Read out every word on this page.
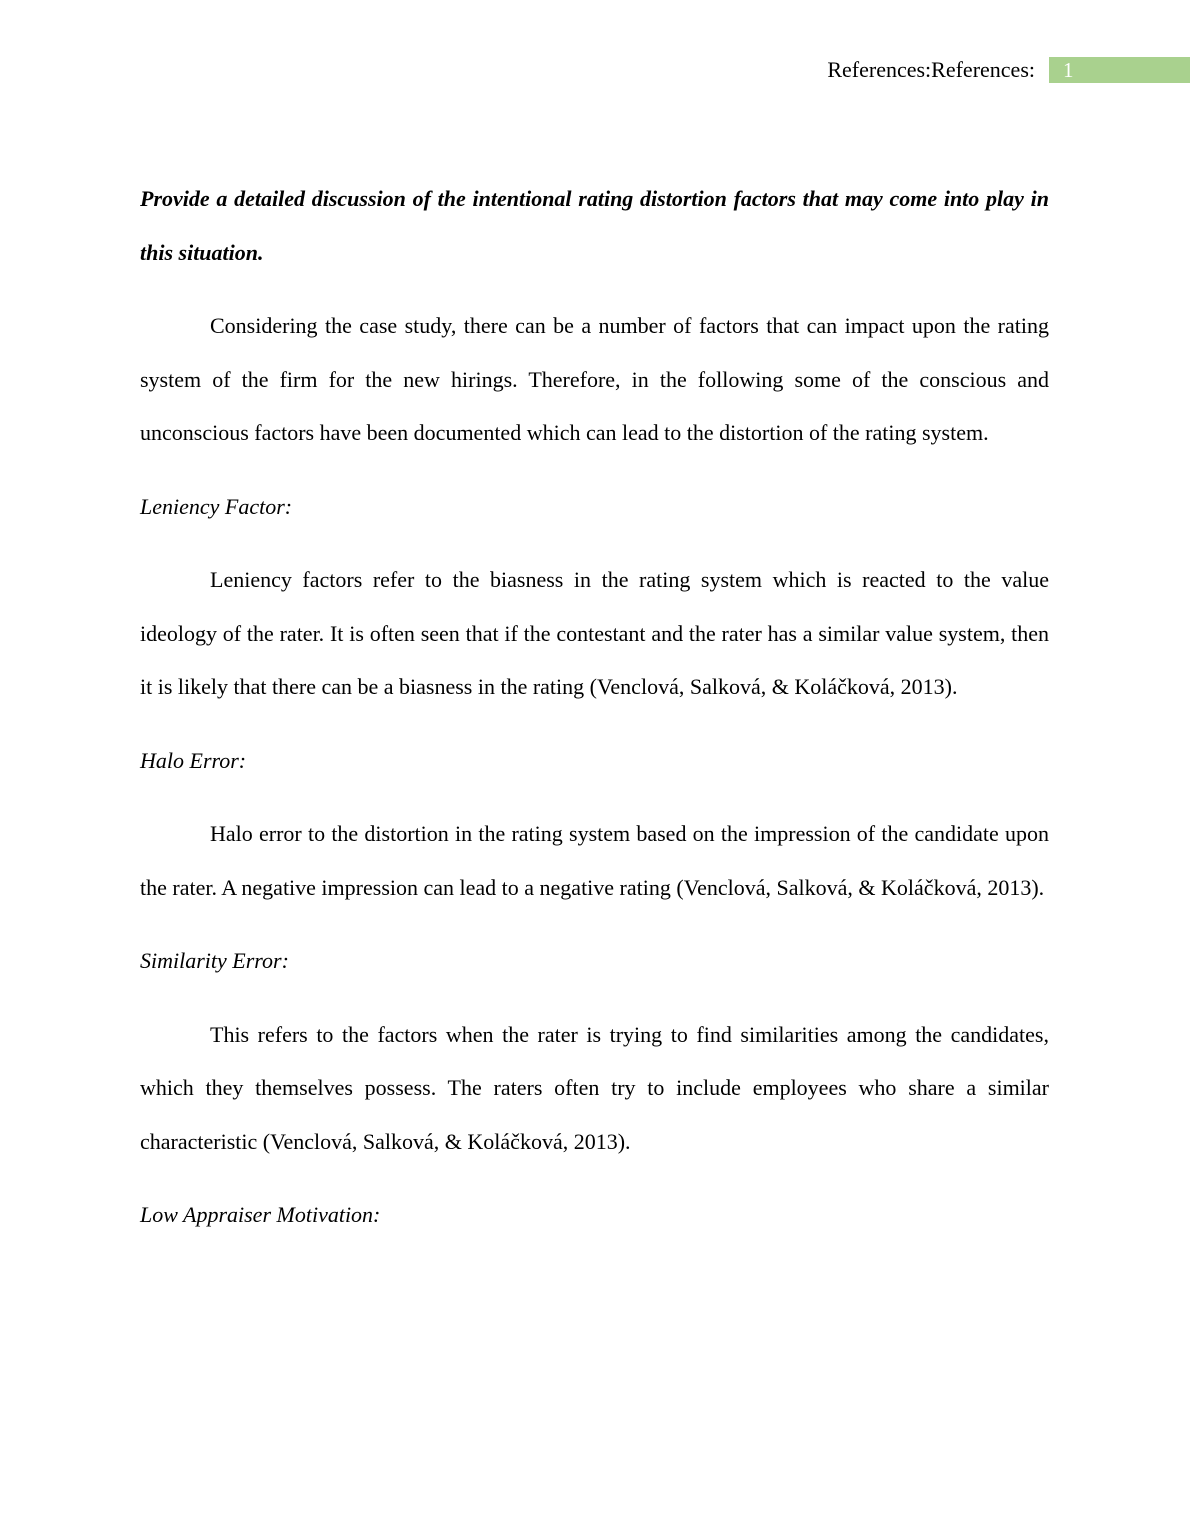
References:References:	1

Provide a detailed discussion of the intentional rating distortion factors that may come into play in this situation.

Considering the case study, there can be a number of factors that can impact upon the rating system of the firm for the new hirings. Therefore, in the following some of the conscious and unconscious factors have been documented which can lead to the distortion of the rating system.

Leniency Factor:

Leniency factors refer to the biasness in the rating system which is reacted to the value ideology of the rater. It is often seen that if the contestant and the rater has a similar value system, then it is likely that there can be a biasness in the rating (Venclová, Salková, & Koláčková, 2013).

Halo Error:

Halo error to the distortion in the rating system based on the impression of the candidate upon the rater. A negative impression can lead to a negative rating (Venclová, Salková, & Koláčková, 2013).

Similarity Error:

This refers to the factors when the rater is trying to find similarities among the candidates, which they themselves possess. The raters often try to include employees who share a similar characteristic (Venclová, Salková, & Koláčková, 2013).

Low Appraiser Motivation:
